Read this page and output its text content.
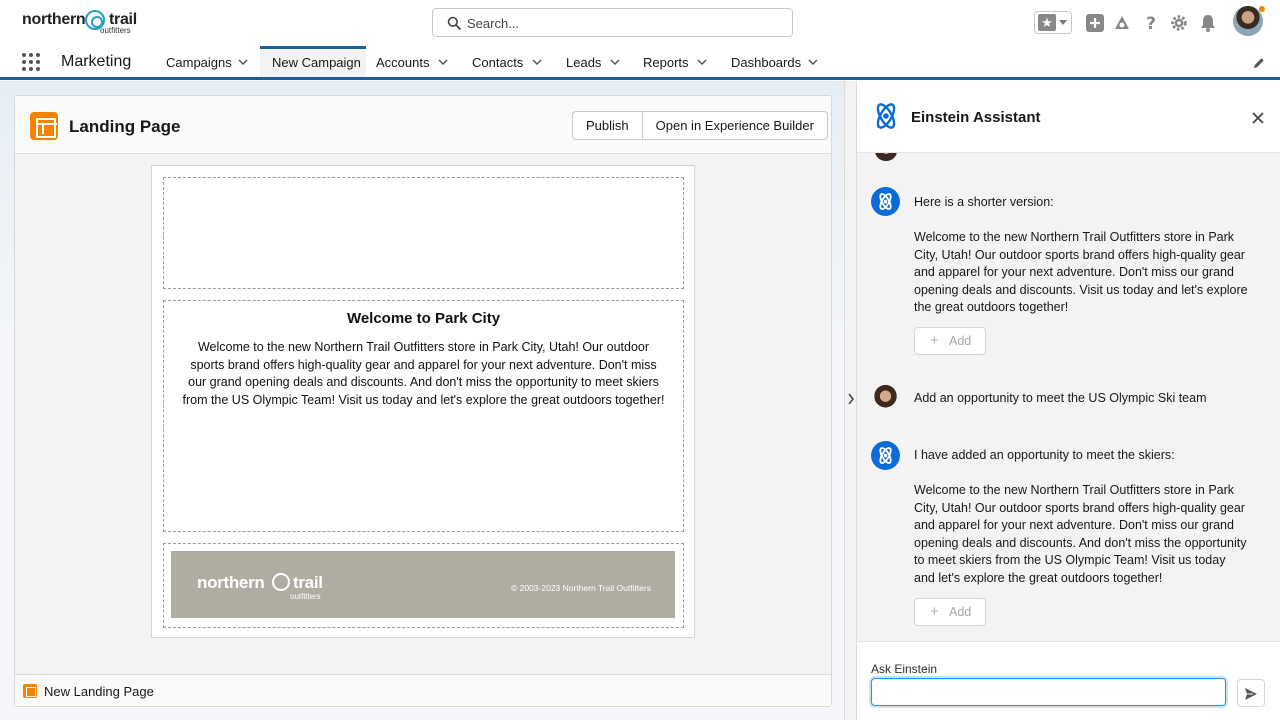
northern trail
outfitters
Search...
★	?
Marketing	Campaigns	New Campaign Accounts	Contacts	Leads	Reports	Dashboards
Landing Page	Publish	Open in Experience Builder
Welcome to Park City
Welcome to the new Northern Trail Outfitters store in Park City, Utah! Our outdoor sports brand offers high-quality gear and apparel for your next adventure. Don't miss our grand opening deals and discounts. And don't miss the opportunity to meet skiers from the US Olympic Team! Visit us today and let's explore the great outdoors together!
northern trail
outfitters
© 2003-2023 Northern Trail Outfitters
New Landing Page
Einstein Assistant
Here is a shorter version:
Welcome to the new Northern Trail Outfitters store in Park City, Utah! Our outdoor sports brand offers high-quality gear and apparel for your next adventure. Don't miss our grand opening deals and discounts. Visit us today and let's explore the great outdoors together!
+ Add
Add an opportunity to meet the US Olympic Ski team
I have added an opportunity to meet the skiers:
Welcome to the new Northern Trail Outfitters store in Park City, Utah! Our outdoor sports brand offers high-quality gear and apparel for your next adventure. Don't miss our grand opening deals and discounts. And don't miss the opportunity to meet skiers from the US Olympic Team! Visit us today and let's explore the great outdoors together!
+ Add
Ask Einstein
